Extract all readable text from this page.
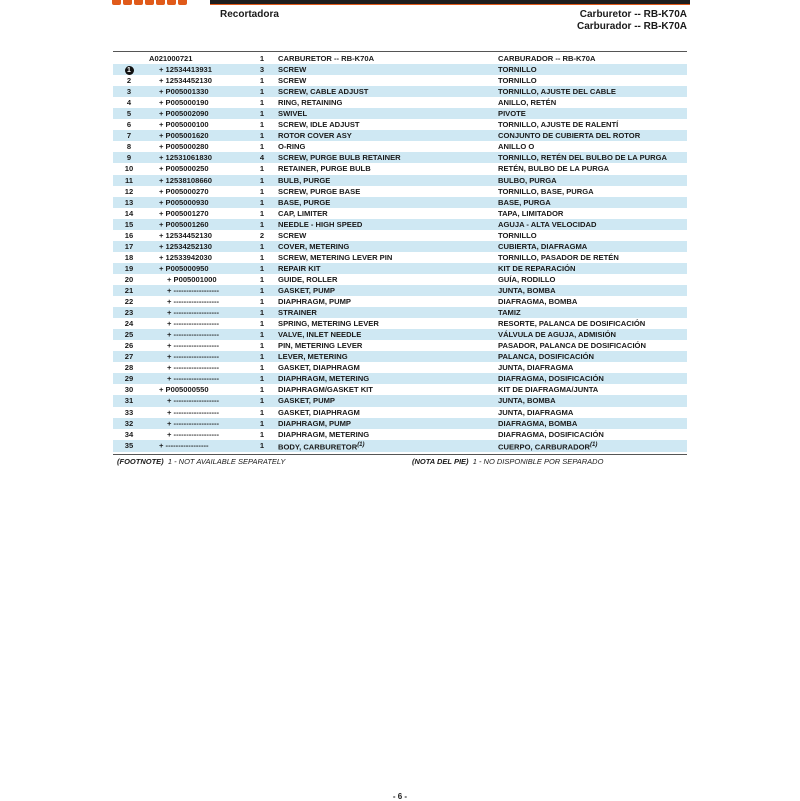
Recortadora	Carburetor -- RB-K70A
Carburador -- RB-K70A
	A021000721	1	CARBURETOR -- RB-K70A	CARBURADOR -- RB-K70A
1	+ 12534413931	3	SCREW	TORNILLO
2	+ 12534452130	1	SCREW	TORNILLO
3	+ P005001330	1	SCREW, CABLE ADJUST	TORNILLO, AJUSTE DEL CABLE
4	+ P005000190	1	RING, RETAINING	ANILLO, RETÉN
5	+ P005002090	1	SWIVEL	PIVOTE
6	+ P005000100	1	SCREW, IDLE ADJUST	TORNILLO, AJUSTE DE RALENTÍ
7	+ P005001620	1	ROTOR COVER ASY	CONJUNTO DE CUBIERTA DEL ROTOR
8	+ P005000280	1	O-RING	ANILLO O
9	+ 12531061830	4	SCREW, PURGE BULB RETAINER	TORNILLO, RETÉN DEL BULBO DE LA PURGA
10	+ P005000250	1	RETAINER, PURGE BULB	RETÉN, BULBO DE LA PURGA
11	+ 12538108660	1	BULB, PURGE	BULBO, PURGA
12	+ P005000270	1	SCREW, PURGE BASE	TORNILLO, BASE, PURGA
13	+ P005000930	1	BASE, PURGE	BASE, PURGA
14	+ P005001270	1	CAP, LIMITER	TAPA, LIMITADOR
15	+ P005001260	1	NEEDLE - HIGH SPEED	AGUJA - ALTA VELOCIDAD
16	+ 12534452130	2	SCREW	TORNILLO
17	+ 12534252130	1	COVER, METERING	CUBIERTA, DIAFRAGMA
18	+ 12533942030	1	SCREW, METERING LEVER PIN	TORNILLO, PASADOR DE RETÉN
19	+ P005000950	1	REPAIR KIT	KIT DE REPARACIÓN
20	+ P005001000	1	GUIDE, ROLLER	GUÍA, RODILLO
21	+ ------------------	1	GASKET, PUMP	JUNTA, BOMBA
22	+ ------------------	1	DIAPHRAGM, PUMP	DIAFRAGMA, BOMBA
23	+ ------------------	1	STRAINER	TAMIZ
24	+ ------------------	1	SPRING, METERING LEVER	RESORTE, PALANCA DE DOSIFICACIÓN
25	+ ------------------	1	VALVE, INLET NEEDLE	VÁLVULA DE AGUJA, ADMISIÓN
26	+ ------------------	1	PIN, METERING LEVER	PASADOR, PALANCA DE DOSIFICACIÓN
27	+ ------------------	1	LEVER, METERING	PALANCA, DOSIFICACIÓN
28	+ ------------------	1	GASKET, DIAPHRAGM	JUNTA, DIAFRAGMA
29	+ ------------------	1	DIAPHRAGM, METERING	DIAFRAGMA, DOSIFICACIÓN
30	+ P005000550	1	DIAPHRAGM/GASKET KIT	KIT DE DIAFRAGMA/JUNTA
31	+ ------------------	1	GASKET, PUMP	JUNTA, BOMBA
33	+ ------------------	1	GASKET, DIAPHRAGM	JUNTA, DIAFRAGMA
32	+ ------------------	1	DIAPHRAGM, PUMP	DIAFRAGMA, BOMBA
34	+ ------------------	1	DIAPHRAGM, METERING	DIAFRAGMA, DOSIFICACIÓN
35	+ -----------------	1	BODY, CARBURETOR$^{(1)}$	CUERPO, CARBURADOR$^{(1)}$
(FOOTNOTE) 1 - NOT AVAILABLE SEPARATELY	(NOTA DEL PIE) 1 - NO DISPONIBLE POR SEPARADO
- 6 -
